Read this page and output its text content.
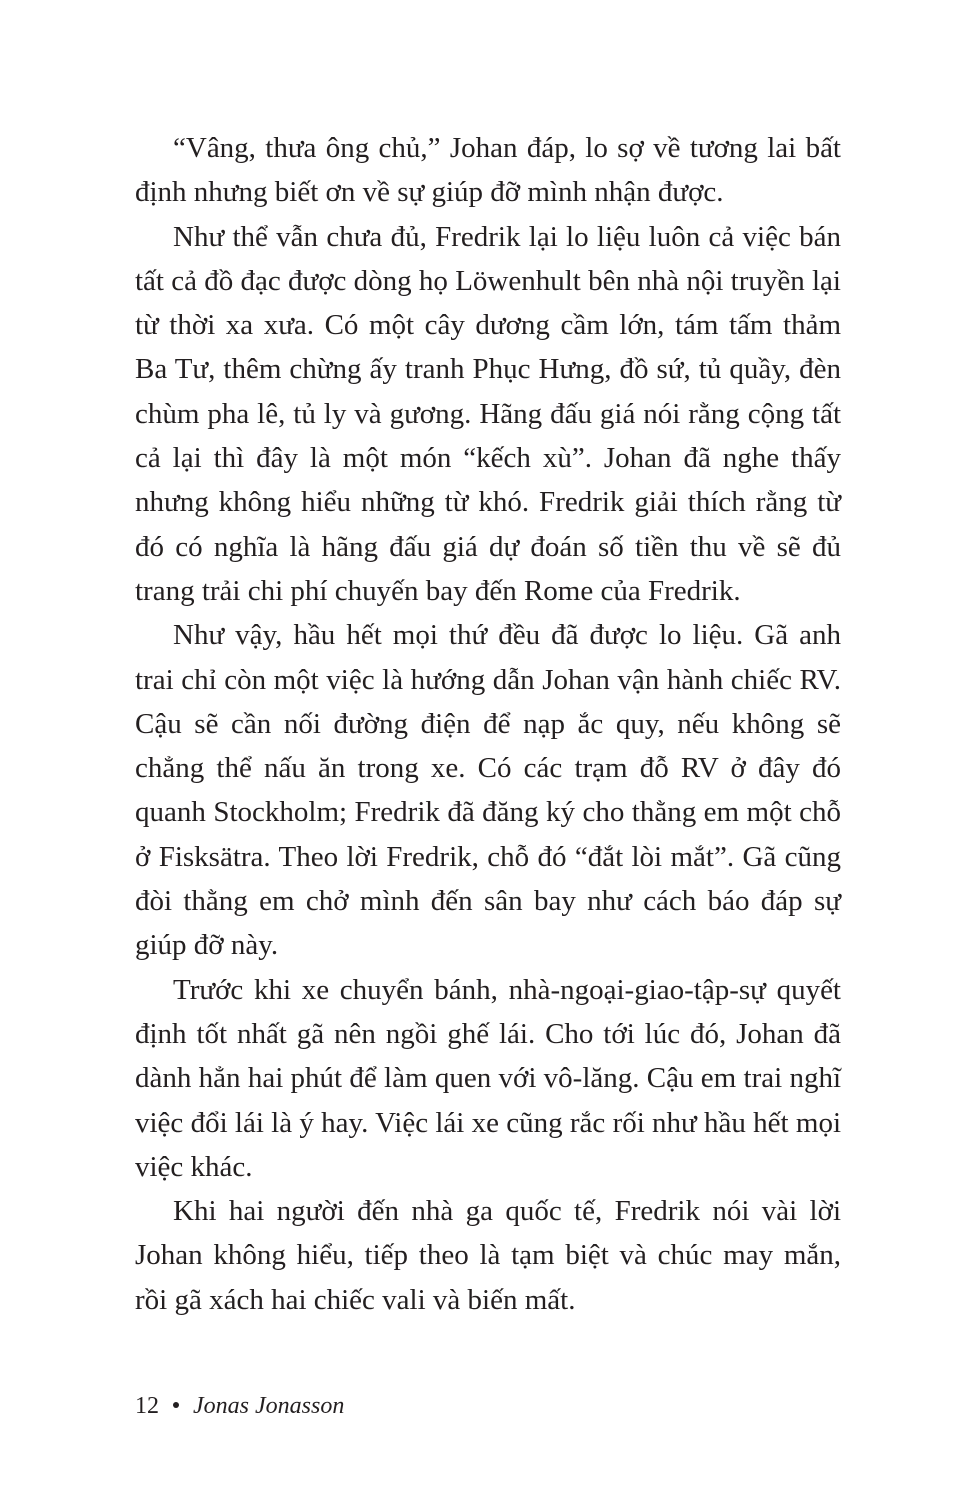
“Vâng, thưa ông chủ,” Johan đáp, lo sợ về tương lai bất định nhưng biết ơn về sự giúp đỡ mình nhận được.

Như thể vẫn chưa đủ, Fredrik lại lo liệu luôn cả việc bán tất cả đồ đạc được dòng họ Löwenhult bên nhà nội truyền lại từ thời xa xưa. Có một cây dương cầm lớn, tám tấm thảm Ba Tư, thêm chừng ấy tranh Phục Hưng, đồ sứ, tủ quầy, đèn chùm pha lê, tủ ly và gương. Hãng đấu giá nói rằng cộng tất cả lại thì đây là một món “kếch xù”. Johan đã nghe thấy nhưng không hiểu những từ khó. Fredrik giải thích rằng từ đó có nghĩa là hãng đấu giá dự đoán số tiền thu về sẽ đủ trang trải chi phí chuyến bay đến Rome của Fredrik.

Như vậy, hầu hết mọi thứ đều đã được lo liệu. Gã anh trai chỉ còn một việc là hướng dẫn Johan vận hành chiếc RV. Cậu sẽ cần nối đường điện để nạp ắc quy, nếu không sẽ chẳng thể nấu ăn trong xe. Có các trạm đỗ RV ở đây đó quanh Stockholm; Fredrik đã đăng ký cho thằng em một chỗ ở Fisksätra. Theo lời Fredrik, chỗ đó “đắt lòi mắt”. Gã cũng đòi thằng em chở mình đến sân bay như cách báo đáp sự giúp đỡ này.

Trước khi xe chuyển bánh, nhà-ngoại-giao-tập-sự quyết định tốt nhất gã nên ngồi ghế lái. Cho tới lúc đó, Johan đã dành hẳn hai phút để làm quen với vô-lăng. Cậu em trai nghĩ việc đổi lái là ý hay. Việc lái xe cũng rắc rối như hầu hết mọi việc khác.

Khi hai người đến nhà ga quốc tế, Fredrik nói vài lời Johan không hiểu, tiếp theo là tạm biệt và chúc may mắn, rồi gã xách hai chiếc vali và biến mất.

12 Jonas Jonasson
